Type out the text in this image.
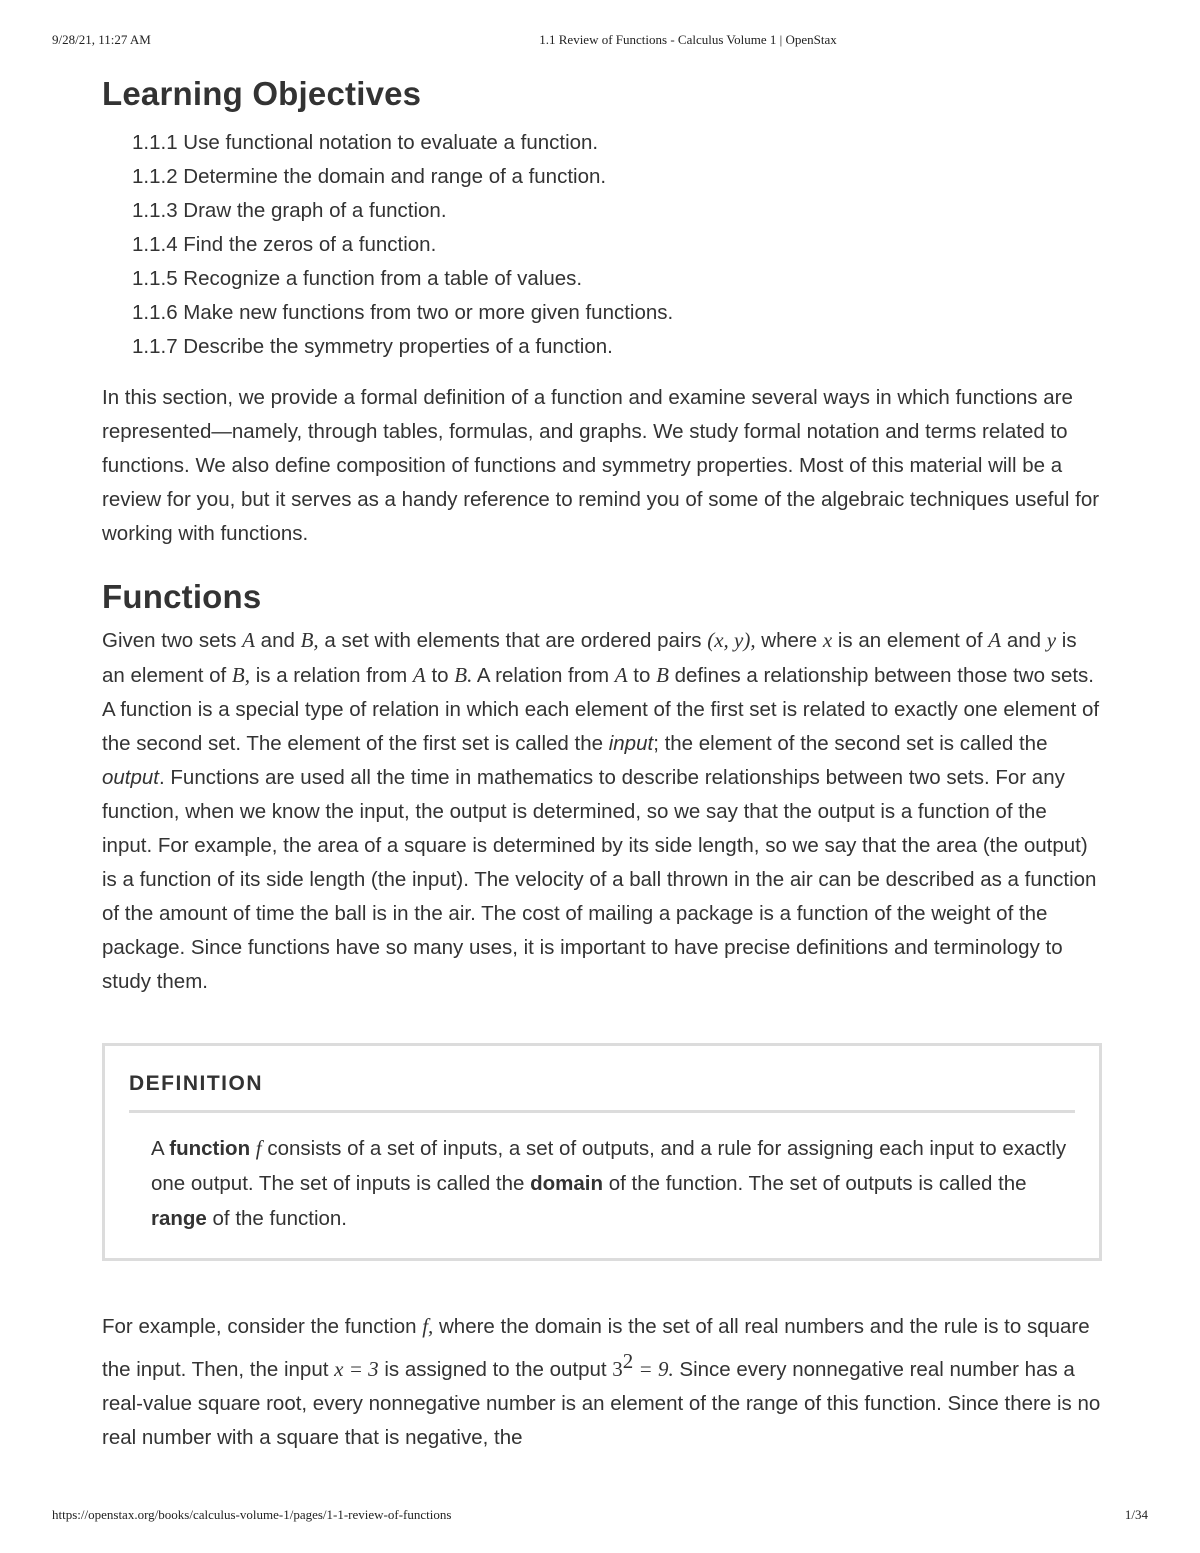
9/28/21, 11:27 AM	1.1 Review of Functions - Calculus Volume 1 | OpenStax
Learning Objectives
1.1.1 Use functional notation to evaluate a function.
1.1.2 Determine the domain and range of a function.
1.1.3 Draw the graph of a function.
1.1.4 Find the zeros of a function.
1.1.5 Recognize a function from a table of values.
1.1.6 Make new functions from two or more given functions.
1.1.7 Describe the symmetry properties of a function.

In this section, we provide a formal definition of a function and examine several ways in which functions are represented—namely, through tables, formulas, and graphs. We study formal notation and terms related to functions. We also define composition of functions and symmetry properties. Most of this material will be a review for you, but it serves as a handy reference to remind you of some of the algebraic techniques useful for working with functions.

Functions

Given two sets A and B, a set with elements that are ordered pairs (x, y), where x is an element of A and y is an element of B, is a relation from A to B. A relation from A to B defines a relationship between those two sets. A function is a special type of relation in which each element of the first set is related to exactly one element of the second set. The element of the first set is called the input; the element of the second set is called the output. Functions are used all the time in mathematics to describe relationships between two sets. For any function, when we know the input, the output is determined, so we say that the output is a function of the input. For example, the area of a square is determined by its side length, so we say that the area (the output) is a function of its side length (the input). The velocity of a ball thrown in the air can be described as a function of the amount of time the ball is in the air. The cost of mailing a package is a function of the weight of the package. Since functions have so many uses, it is important to have precise definitions and terminology to study them.

DEFINITION
A function f consists of a set of inputs, a set of outputs, and a rule for assigning each input to exactly one output. The set of inputs is called the domain of the function. The set of outputs is called the range of the function.

For example, consider the function f, where the domain is the set of all real numbers and the rule is to square the input. Then, the input x = 3 is assigned to the output $3^2 = 9$. Since every nonnegative real number has a real-value square root, every nonnegative number is an element of the range of this function. Since there is no real number with a square that is negative, the

https://openstax.org/books/calculus-volume-1/pages/1-1-review-of-functions	1/34
